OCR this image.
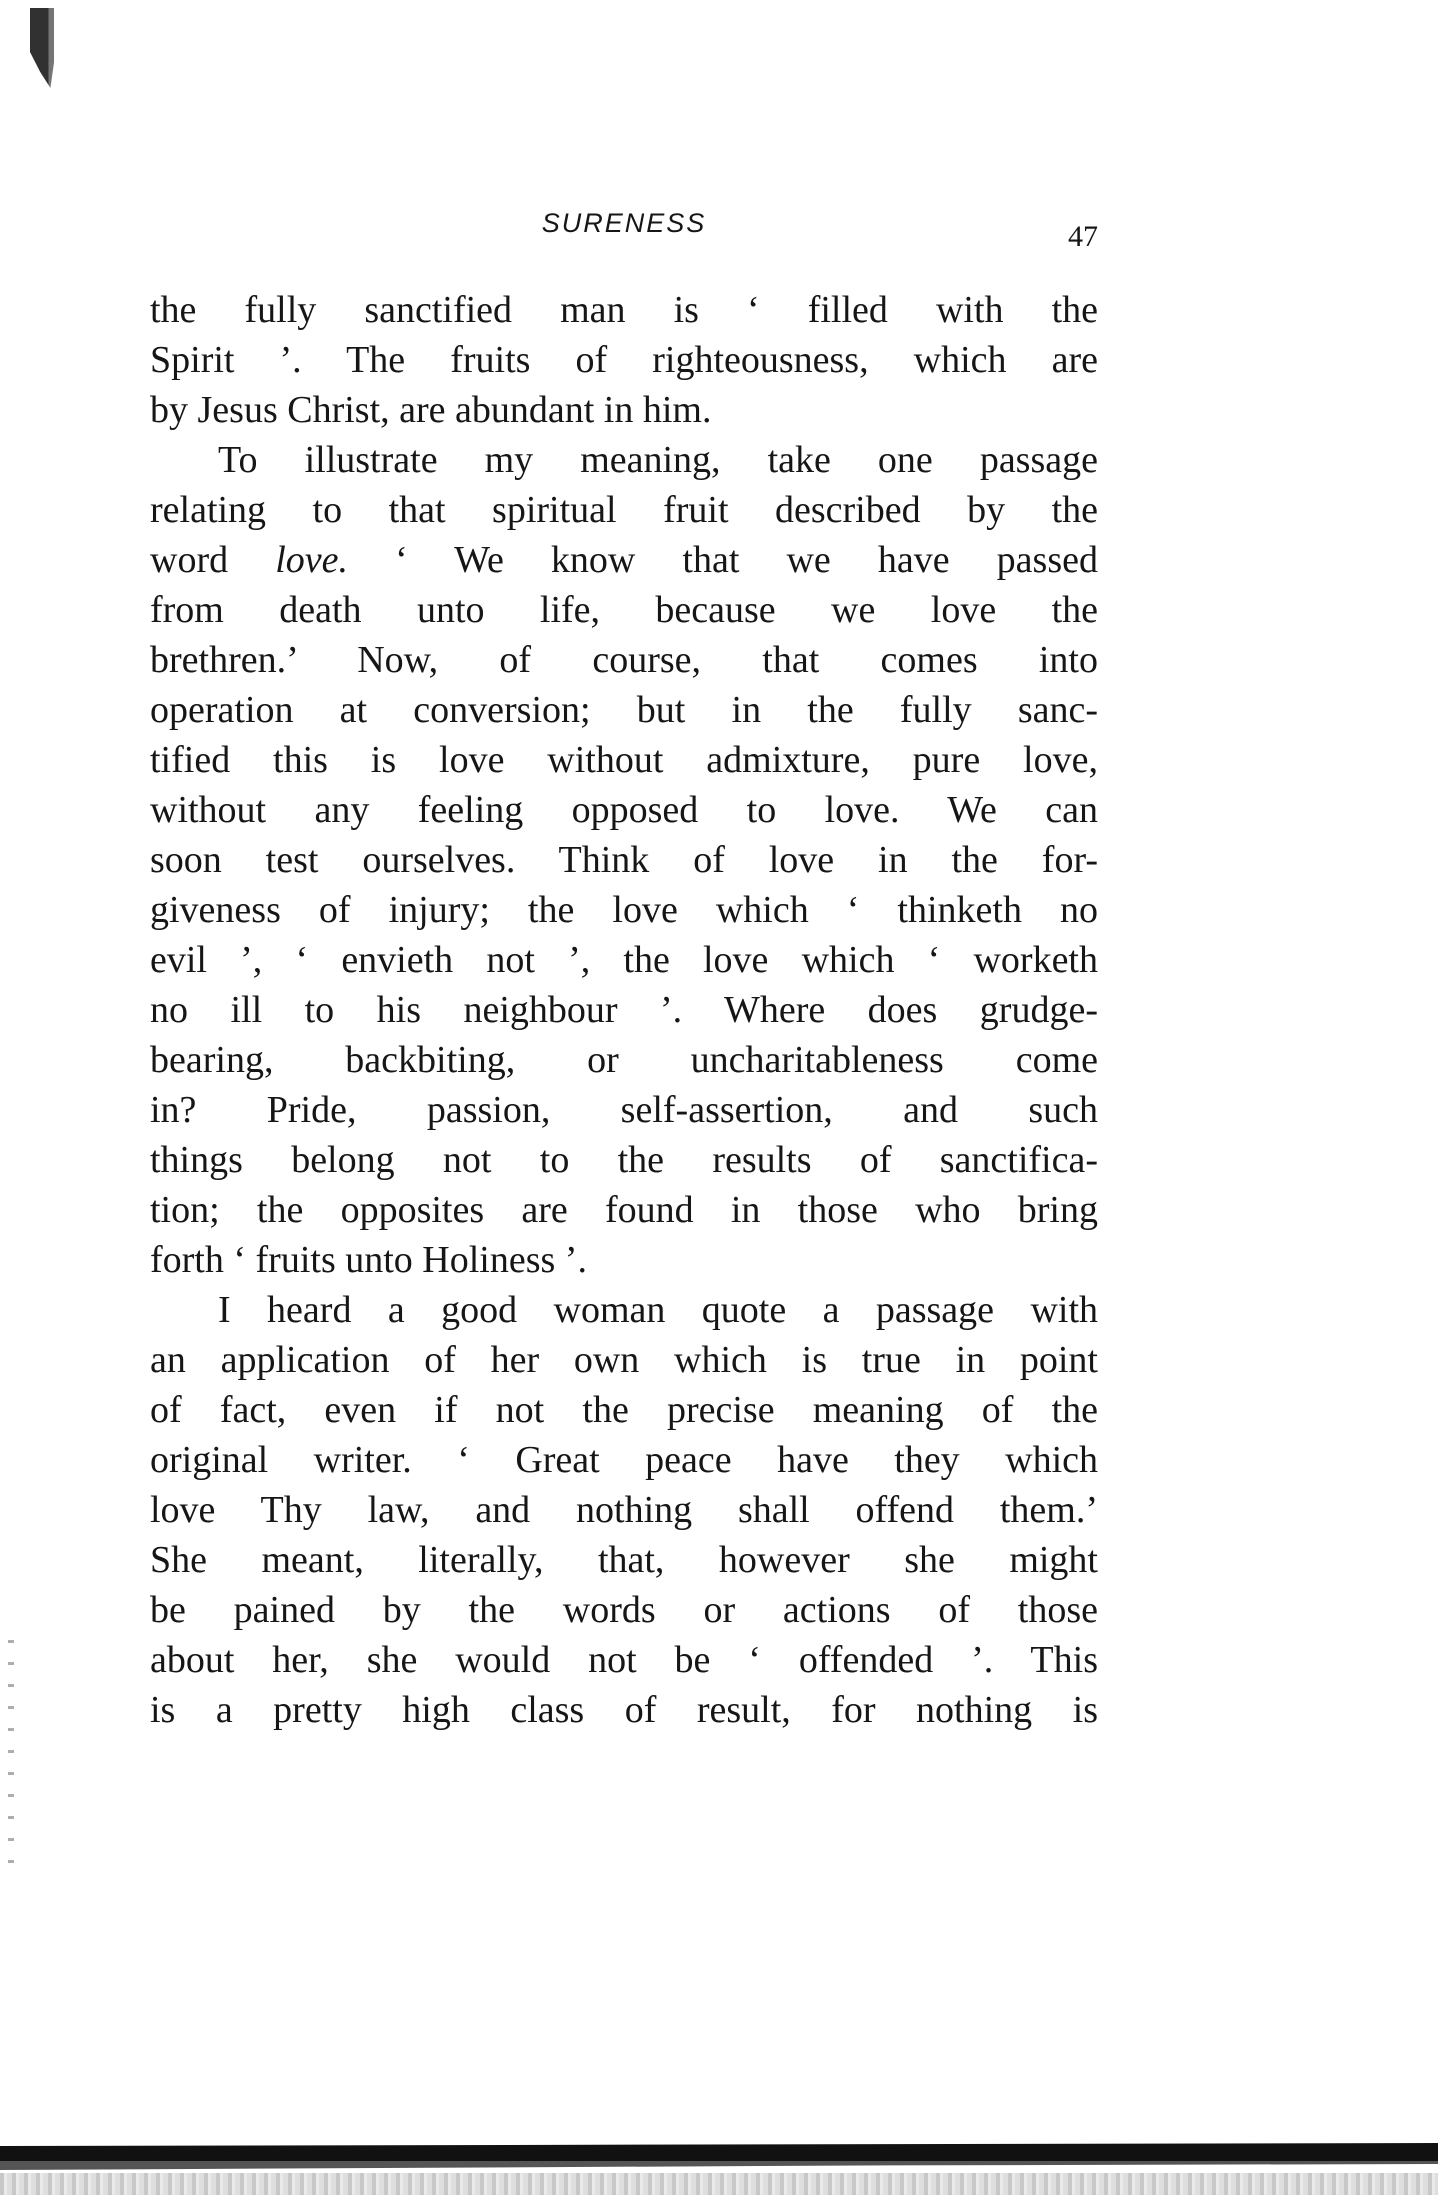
SURENESS	47
the fully sanctified man is ‘ filled with the
Spirit ’. The fruits of righteousness, which are
by Jesus Christ, are abundant in him.
To illustrate my meaning, take one passage
relating to that spiritual fruit described by the
word love. ‘ We know that we have passed
from death unto life, because we love the
brethren.’ Now, of course, that comes into
operation at conversion; but in the fully sanc-
tified this is love without admixture, pure love,
without any feeling opposed to love. We can
soon test ourselves. Think of love in the for-
giveness of injury; the love which ‘ thinketh no
evil ’, ‘ envieth not ’, the love which ‘ worketh
no ill to his neighbour ’. Where does grudge-
bearing, backbiting, or uncharitableness come
in? Pride, passion, self-assertion, and such
things belong not to the results of sanctifica-
tion; the opposites are found in those who bring
forth ‘ fruits unto Holiness ’.
I heard a good woman quote a passage with
an application of her own which is true in point
of fact, even if not the precise meaning of the
original writer. ‘ Great peace have they which
love Thy law, and nothing shall offend them.’
She meant, literally, that, however she might
be pained by the words or actions of those
about her, she would not be ‘ offended ’. This
is a pretty high class of result, for nothing is
